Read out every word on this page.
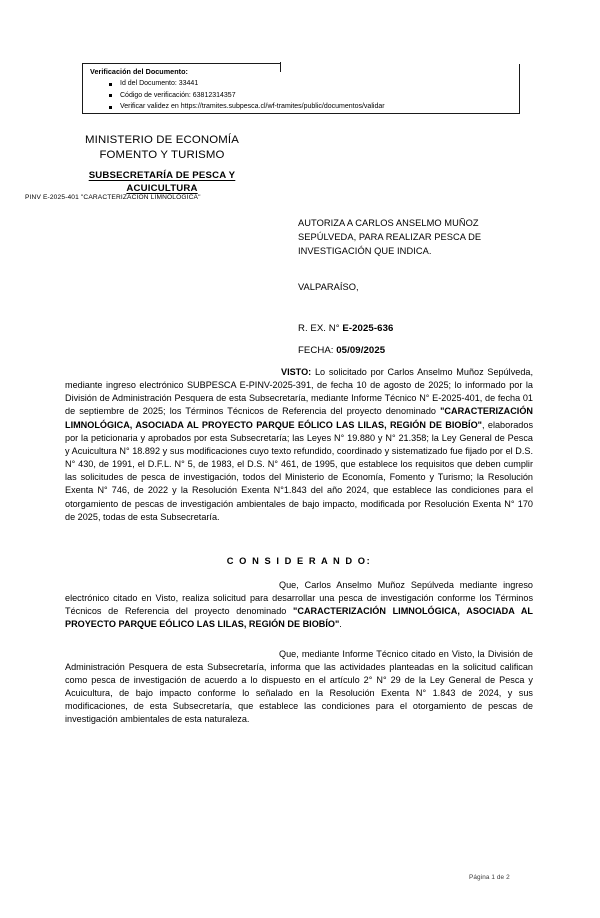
Verificación del Documento:
Id del Documento: 33441
Código de verificación: 63812314357
Verificar validez en https://tramites.subpesca.cl/wf-tramites/public/documentos/validar
MINISTERIO DE ECONOMÍA
FOMENTO Y TURISMO
SUBSECRETARÍA DE PESCA Y
ACUICULTURA
PINV E-2025-401 "CARACTERIZACIÓN LIMNOLÓGICA"
AUTORIZA A CARLOS ANSELMO MUÑOZ SEPÚLVEDA, PARA REALIZAR PESCA DE INVESTIGACIÓN QUE INDICA.
VALPARAÍSO,
R. EX. N° E-2025-636
FECHA: 05/09/2025

VISTO: Lo solicitado por Carlos Anselmo Muñoz Sepúlveda, mediante ingreso electrónico SUBPESCA E-PINV-2025-391, de fecha 10 de agosto de 2025; lo informado por la División de Administración Pesquera de esta Subsecretaría, mediante Informe Técnico N° E-2025-401, de fecha 01 de septiembre de 2025; los Términos Técnicos de Referencia del proyecto denominado "CARACTERIZACIÓN LIMNOLÓGICA, ASOCIADA AL PROYECTO PARQUE EÓLICO LAS LILAS, REGIÓN DE BIOBÍO", elaborados por la peticionaria y aprobados por esta Subsecretaría; las Leyes N° 19.880 y N° 21.358; la Ley General de Pesca y Acuicultura N° 18.892 y sus modificaciones cuyo texto refundido, coordinado y sistematizado fue fijado por el D.S. N° 430, de 1991, el D.F.L. N° 5, de 1983, el D.S. N° 461, de 1995, que establece los requisitos que deben cumplir las solicitudes de pesca de investigación, todos del Ministerio de Economía, Fomento y Turismo; la Resolución Exenta N° 746, de 2022 y la Resolución Exenta N°1.843 del año 2024, que establece las condiciones para el otorgamiento de pescas de investigación ambientales de bajo impacto, modificada por Resolución Exenta N° 170 de 2025, todas de esta Subsecretaría.

C O N S I D E R A N D O:

Que, Carlos Anselmo Muñoz Sepúlveda mediante ingreso electrónico citado en Visto, realiza solicitud para desarrollar una pesca de investigación conforme los Términos Técnicos de Referencia del proyecto denominado "CARACTERIZACIÓN LIMNOLÓGICA, ASOCIADA AL PROYECTO PARQUE EÓLICO LAS LILAS, REGIÓN DE BIOBÍO".

Que, mediante Informe Técnico citado en Visto, la División de Administración Pesquera de esta Subsecretaría, informa que las actividades planteadas en la solicitud califican como pesca de investigación de acuerdo a lo dispuesto en el artículo 2° N° 29 de la Ley General de Pesca y Acuicultura, de bajo impacto conforme lo señalado en la Resolución Exenta N° 1.843 de 2024, y sus modificaciones, de esta Subsecretaría, que establece las condiciones para el otorgamiento de pescas de investigación ambientales de esta naturaleza.

Página 1 de 2
